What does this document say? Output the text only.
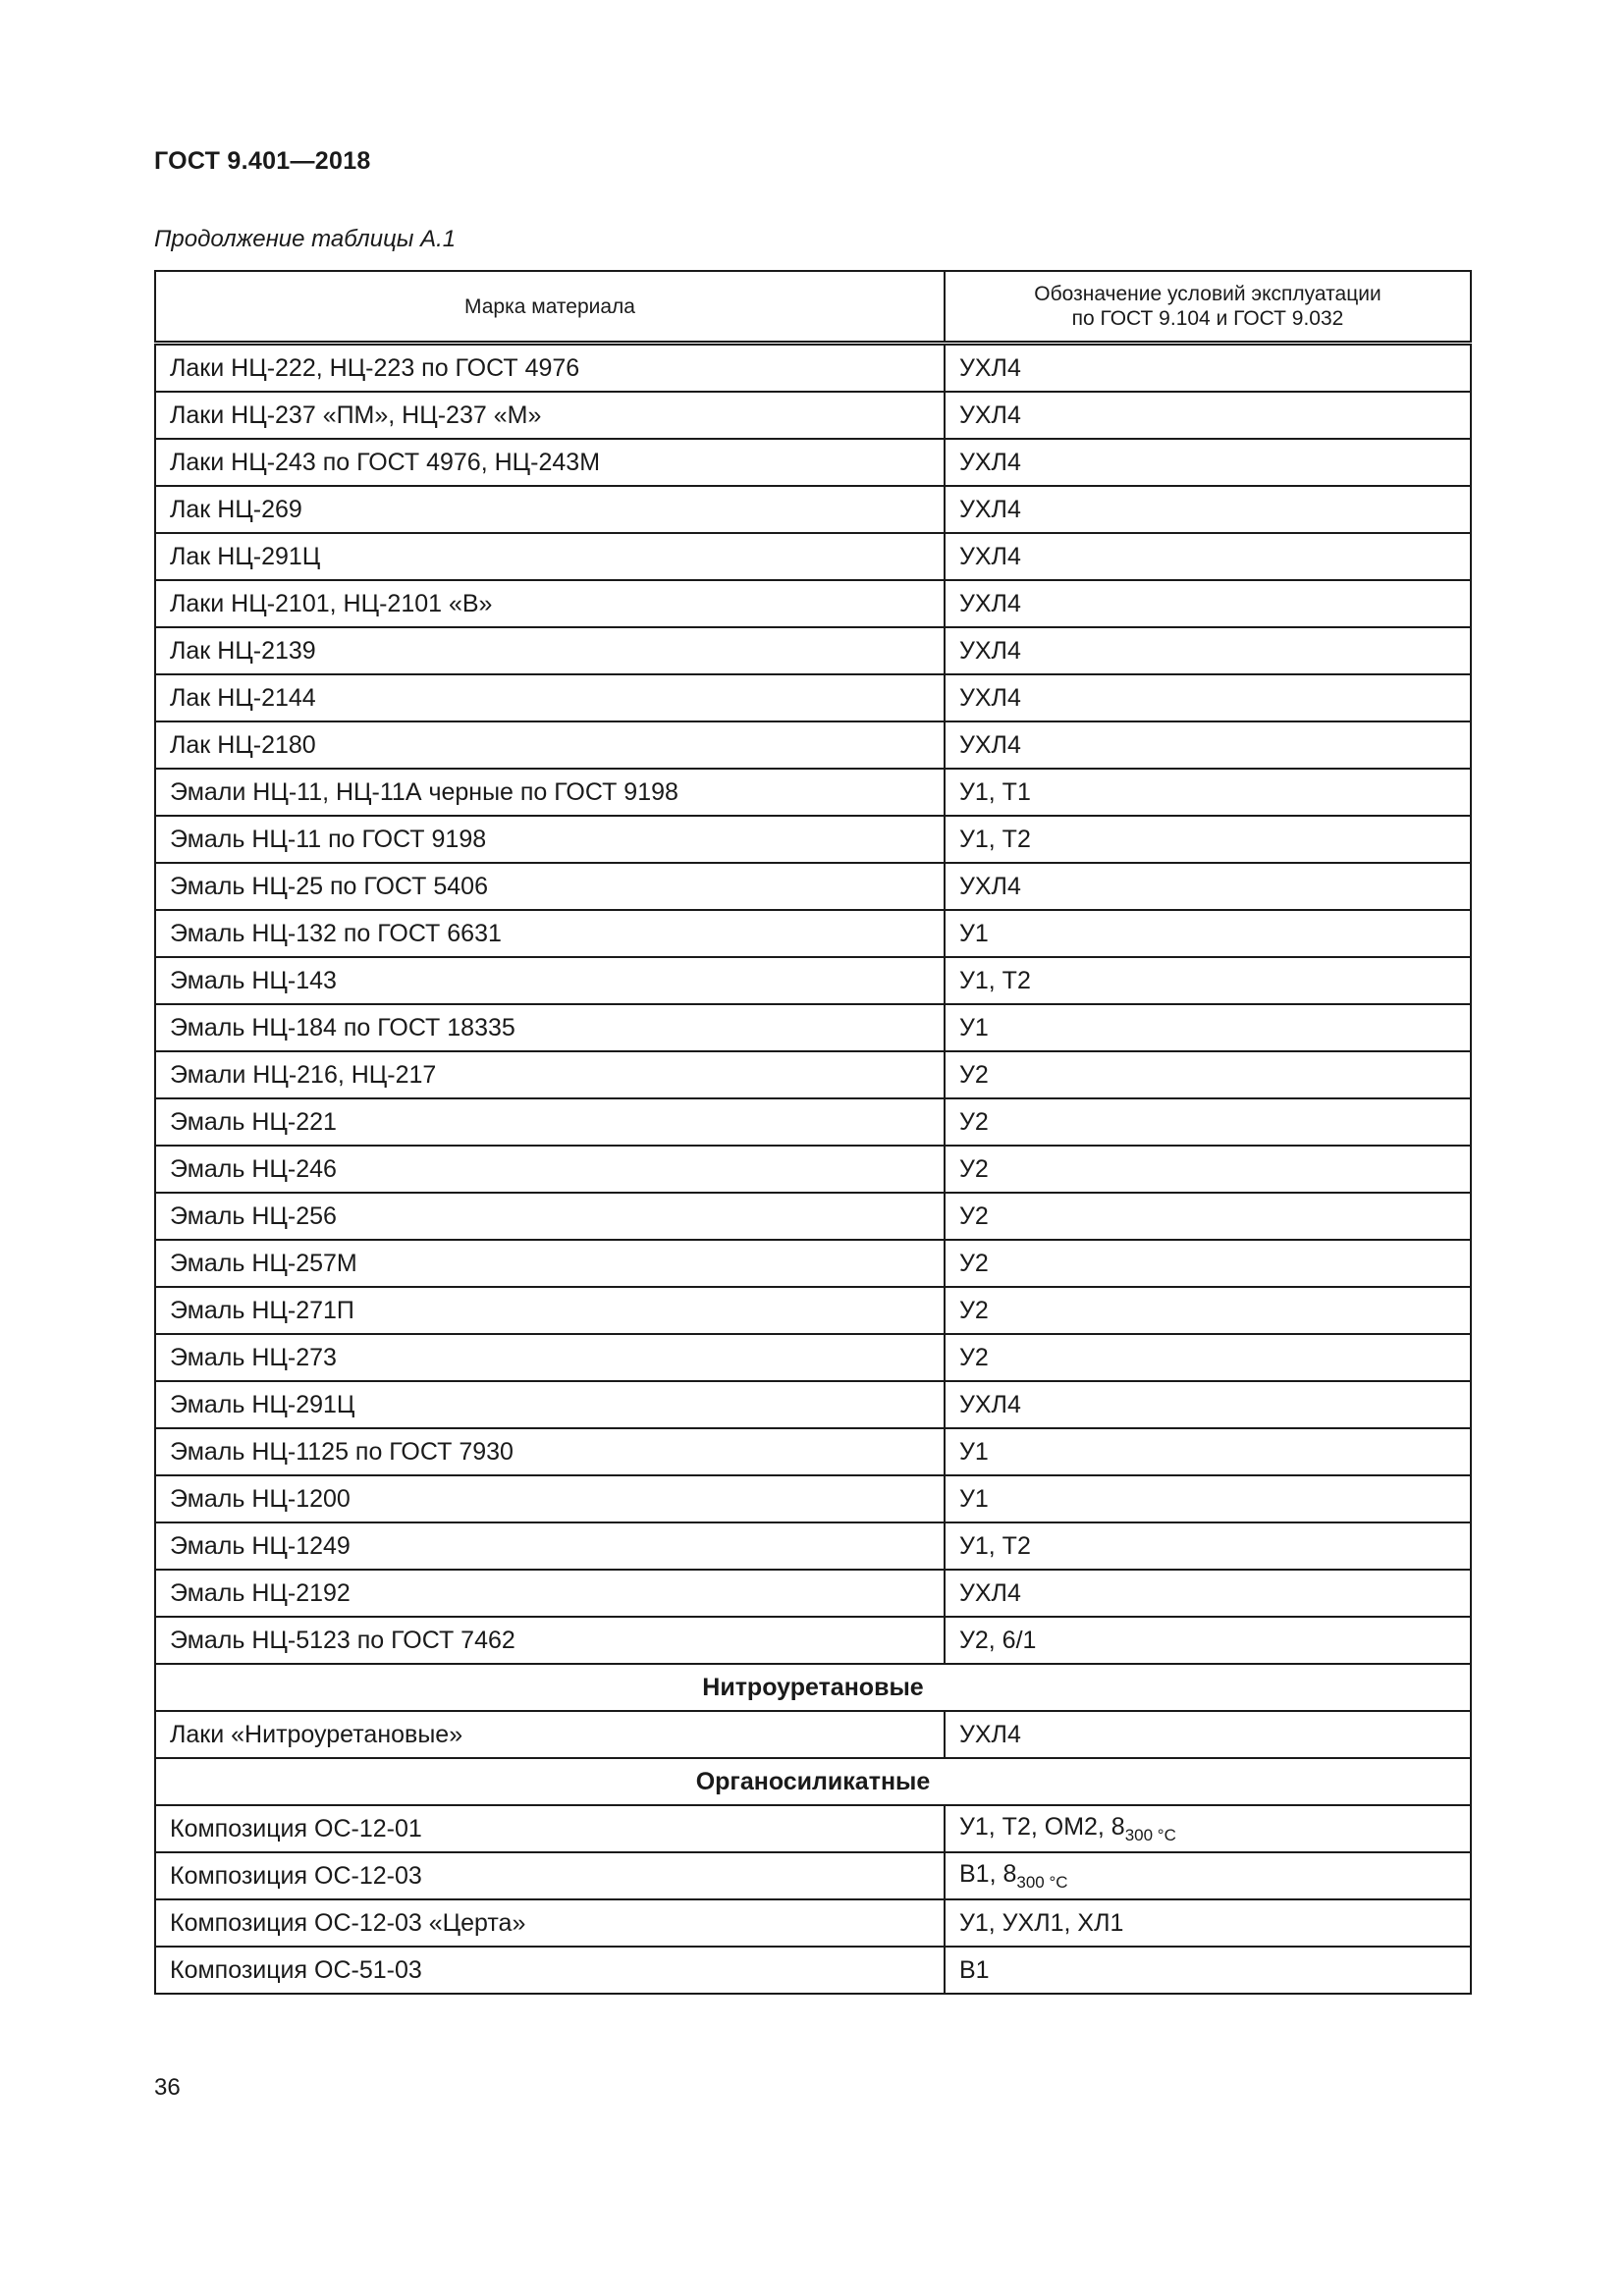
ГОСТ 9.401—2018
Продолжение таблицы А.1
Марка материала	Обозначение условий эксплуатации
по ГОСТ 9.104 и ГОСТ 9.032
Лаки НЦ-222, НЦ-223 по ГОСТ 4976	УХЛ4
Лаки НЦ-237 «ПМ», НЦ-237 «М»	УХЛ4
Лаки НЦ-243 по ГОСТ 4976, НЦ-243М	УХЛ4
Лак НЦ-269	УХЛ4
Лак НЦ-291Ц	УХЛ4
Лаки НЦ-2101, НЦ-2101 «В»	УХЛ4
Лак НЦ-2139	УХЛ4
Лак НЦ-2144	УХЛ4
Лак НЦ-2180	УХЛ4
Эмали НЦ-11, НЦ-11А черные по ГОСТ 9198	У1, Т1
Эмаль НЦ-11 по ГОСТ 9198	У1, Т2
Эмаль НЦ-25 по ГОСТ 5406	УХЛ4
Эмаль НЦ-132 по ГОСТ 6631	У1
Эмаль НЦ-143	У1, Т2
Эмаль НЦ-184 по ГОСТ 18335	У1
Эмали НЦ-216, НЦ-217	У2
Эмаль НЦ-221	У2
Эмаль НЦ-246	У2
Эмаль НЦ-256	У2
Эмаль НЦ-257М	У2
Эмаль НЦ-271П	У2
Эмаль НЦ-273	У2
Эмаль НЦ-291Ц	УХЛ4
Эмаль НЦ-1125 по ГОСТ 7930	У1
Эмаль НЦ-1200	У1
Эмаль НЦ-1249	У1, Т2
Эмаль НЦ-2192	УХЛ4
Эмаль НЦ-5123 по ГОСТ 7462	У2, 6/1
Нитроуретановые	
Лаки «Нитроуретановые»	УХЛ4
Органосиликатные	
Композиция ОС-12-01	У1, Т2, ОМ2, $8_{300 ^\circ С}$
Композиция ОС-12-03	В1, $8_{300 ^\circ С}$
Композиция ОС-12-03 «Церта»	У1, УХЛ1, ХЛ1
Композиция ОС-51-03	В1
36
